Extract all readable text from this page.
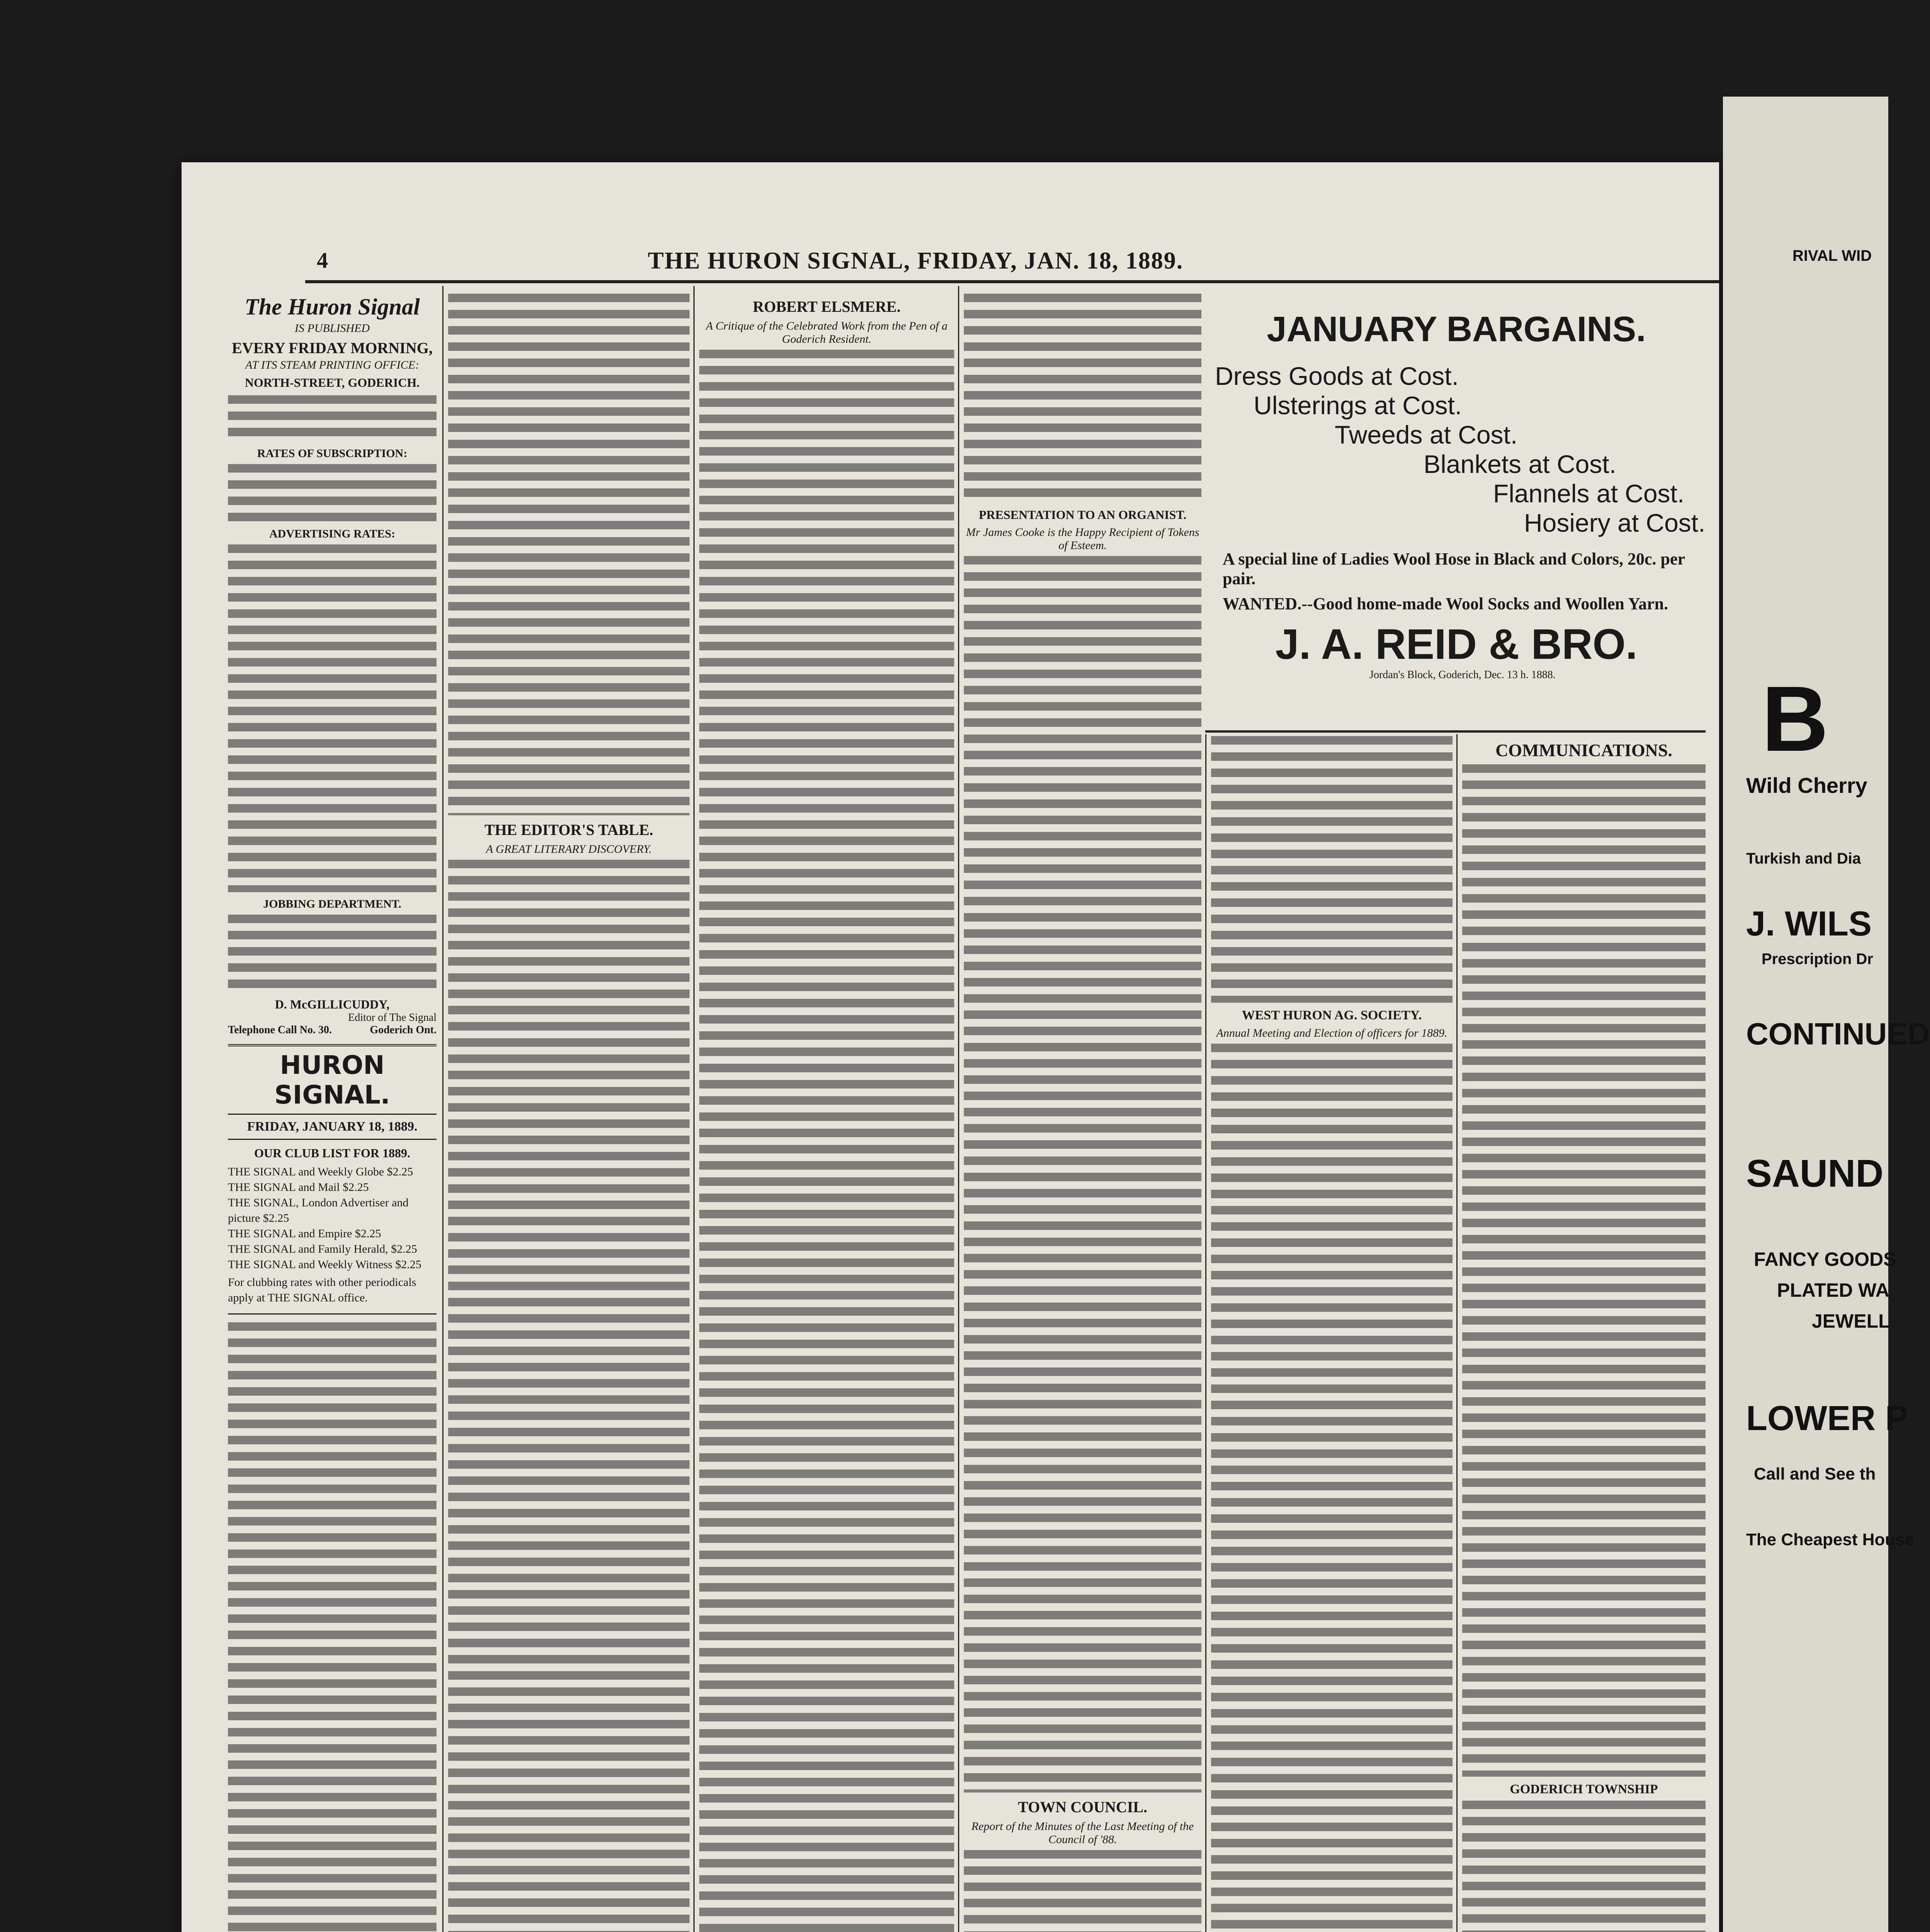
4	THE HURON SIGNAL, FRIDAY, JAN. 18, 1889.
The Huron Signal
IS PUBLISHED
EVERY FRIDAY MORNING,
AT ITS STEAM PRINTING OFFICE:
NORTH-STREET, GODERICH.
RATES OF SUBSCRIPTION:
ADVERTISING RATES:
JOBBING DEPARTMENT.
D. McGILLICUDDY,
Editor of The Signal
Telephone Call No. 30.	Goderich Ont.
HURON SIGNAL.
FRIDAY, JANUARY 18, 1889.
OUR CLUB LIST FOR 1889.
THE SIGNAL and Weekly Globe $2.25
THE SIGNAL and Mail $2.25
THE SIGNAL, London Advertiser and picture $2.25
THE SIGNAL and Empire $2.25
THE SIGNAL and Family Herald, $2.25
THE SIGNAL and Weekly Witness $2.25
For clubbing rates with other periodicals apply at THE SIGNAL office.
THE EDITOR'S TABLE.
A GREAT LITERARY DISCOVERY.
ROBERT ELSMERE.
A Critique of the Celebrated Work from the Pen of a Goderich Resident.
PRESENTATION TO AN ORGANIST.
Mr James Cooke is the Happy Recipient of Tokens of Esteem.
TOWN COUNCIL.
Report of the Minutes of the Last Meeting of the Council of '88.
JANUARY BARGAINS.
Dress Goods at Cost.
Ulsterings at Cost.
Tweeds at Cost.
Blankets at Cost.
Flannels at Cost.
Hosiery at Cost.
A special line of Ladies Wool Hose in Black and Colors, 20c. per pair.
WANTED.--Good home-made Wool Socks and Woollen Yarn.
J. A. REID & BRO.
Jordan's Block, Goderich, Dec. 13 h. 1888.
WEST HURON AG. SOCIETY.
Annual Meeting and Election of officers for 1889.
COMMUNICATIONS.
GODERICH TOWNSHIP
RIVAL WID
B
Wild Cherry
Turkish and Dia
J. WILS
Prescription Dr
CONTINUED
SAUND
FANCY GOODS
PLATED WA
JEWELL
LOWER P
Call and See th
The Cheapest House
